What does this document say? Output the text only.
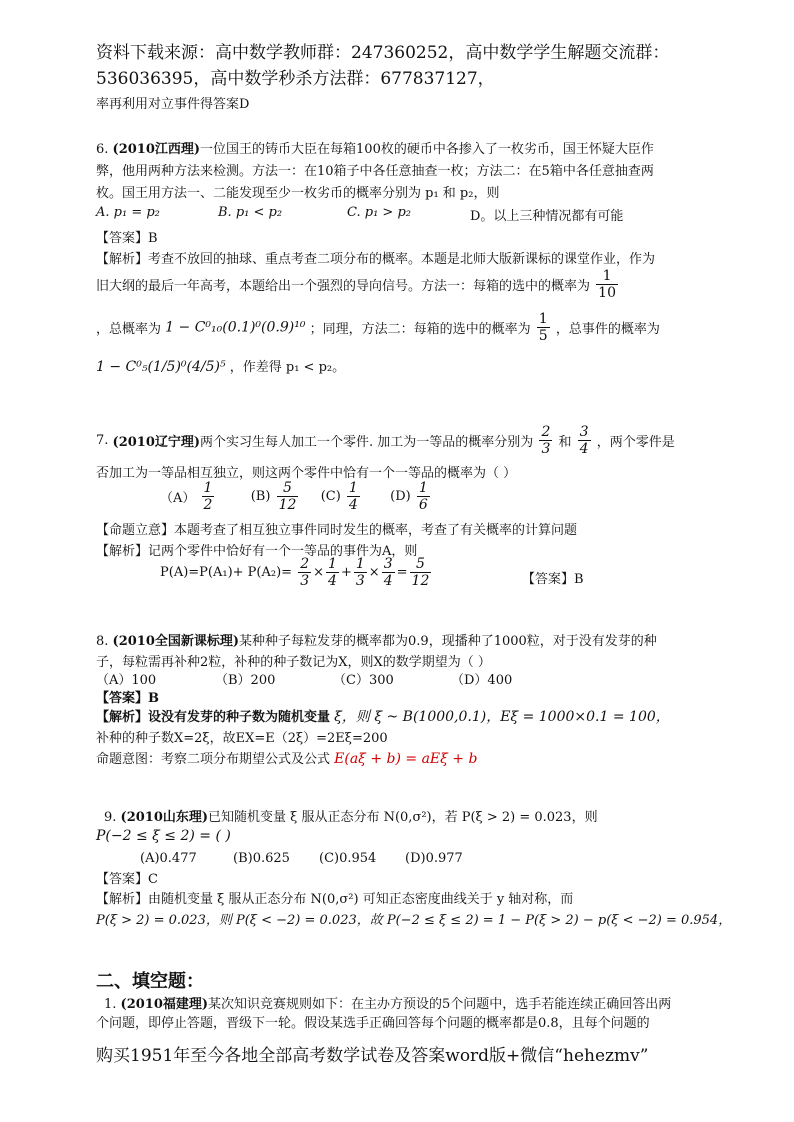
资料下载来源：高中数学教师群：247360252，高中数学学生解题交流群：
536036395，高中数学秒杀方法群：677837127，
率再利用对立事件得答案D
6. (2010江西理)一位国王的铸币大臣在每箱100枚的硬币中各掺入了一枚劣币，国王怀疑大臣作
弊，他用两种方法来检测。方法一：在10箱子中各任意抽查一枚；方法二：在5箱中各任意抽查两
枚。国王用方法一、二能发现至少一枚劣币的概率分别为 p₁ 和 p₂，则
A. p₁ = p₂	B. p₁ < p₂	C. p₁ > p₂	D。以上三种情况都有可能
【答案】B
【解析】考查不放回的抽球、重点考查二项分布的概率。本题是北师大版新课标的课堂作业，作为
旧大纲的最后一年高考，本题给出一个强烈的导向信号。方法一：每箱的选中的概率为 $\frac{1}{10}$
，总概率为 1 − C⁰₁₀(0.1)⁰(0.9)¹⁰ ；同理，方法二：每箱的选中的概率为 $\frac{1}{5}$ ，总事件的概率为
1 − C⁰₅(1/5)⁰(4/5)⁵ ，作差得 p₁ < p₂。
7. (2010辽宁理)两个实习生每人加工一个零件. 加工为一等品的概率分别为 $\frac{2}{3}$ 和 $\frac{3}{4}$ ，两个零件是
否加工为一等品相互独立，则这两个零件中恰有一个一等品的概率为（ ）
$(A) \frac{1}{2}$	$(B) \frac{5}{12} (C) \frac{1}{4} (D) \frac{1}{6}$
【命题立意】本题考查了相互独立事件同时发生的概率，考查了有关概率的计算问题
【解析】记两个零件中恰好有一个一等品的事件为A，则
$P(A)=P(A_1)+ P(A_2)= \frac{2}{3} \times \frac{1}{4} + \frac{1}{3} \times \frac{3}{4} = \frac{5}{12}$	【答案】B
8. (2010全国新课标理)某种种子每粒发芽的概率都为0.9，现播种了1000粒，对于没有发芽的种
子，每粒需再补种2粒，补种的种子数记为X，则X的数学期望为（ ）
（A）100	（B）200	（C）300	（D）400
【答案】B
【解析】设没有发芽的种子数为随机变量 ξ，则 ξ ~ B(1000,0.1)，Eξ = 1000×0.1 = 100，
补种的种子数X=2ξ，故EX=E（2ξ）=2Eξ=200
命题意图：考察二项分布期望公式及公式 E(aξ + b) = aEξ + b
9. (2010山东理)已知随机变量 ξ 服从正态分布 N(0,σ²)，若 P(ξ > 2) = 0.023，则
P(−2 ≤ ξ ≤ 2) = ( )
(A)0.477	(B)0.625 (C)0.954 (D)0.977
【答案】C
【解析】由随机变量 ξ 服从正态分布 N(0,σ²) 可知正态密度曲线关于 y 轴对称，而
P(ξ > 2) = 0.023，则 P(ξ < −2) = 0.023，故 P(−2 ≤ ξ ≤ 2) = 1 − P(ξ > 2) − p(ξ < −2) = 0.954，
二、填空题：
1. (2010福建理)某次知识竞赛规则如下：在主办方预设的5个问题中，选手若能连续正确回答出两
个问题，即停止答题，晋级下一轮。假设某选手正确回答每个问题的概率都是0.8，且每个问题的
购买1951年至今各地全部高考数学试卷及答案word版+微信“hehezmv”
